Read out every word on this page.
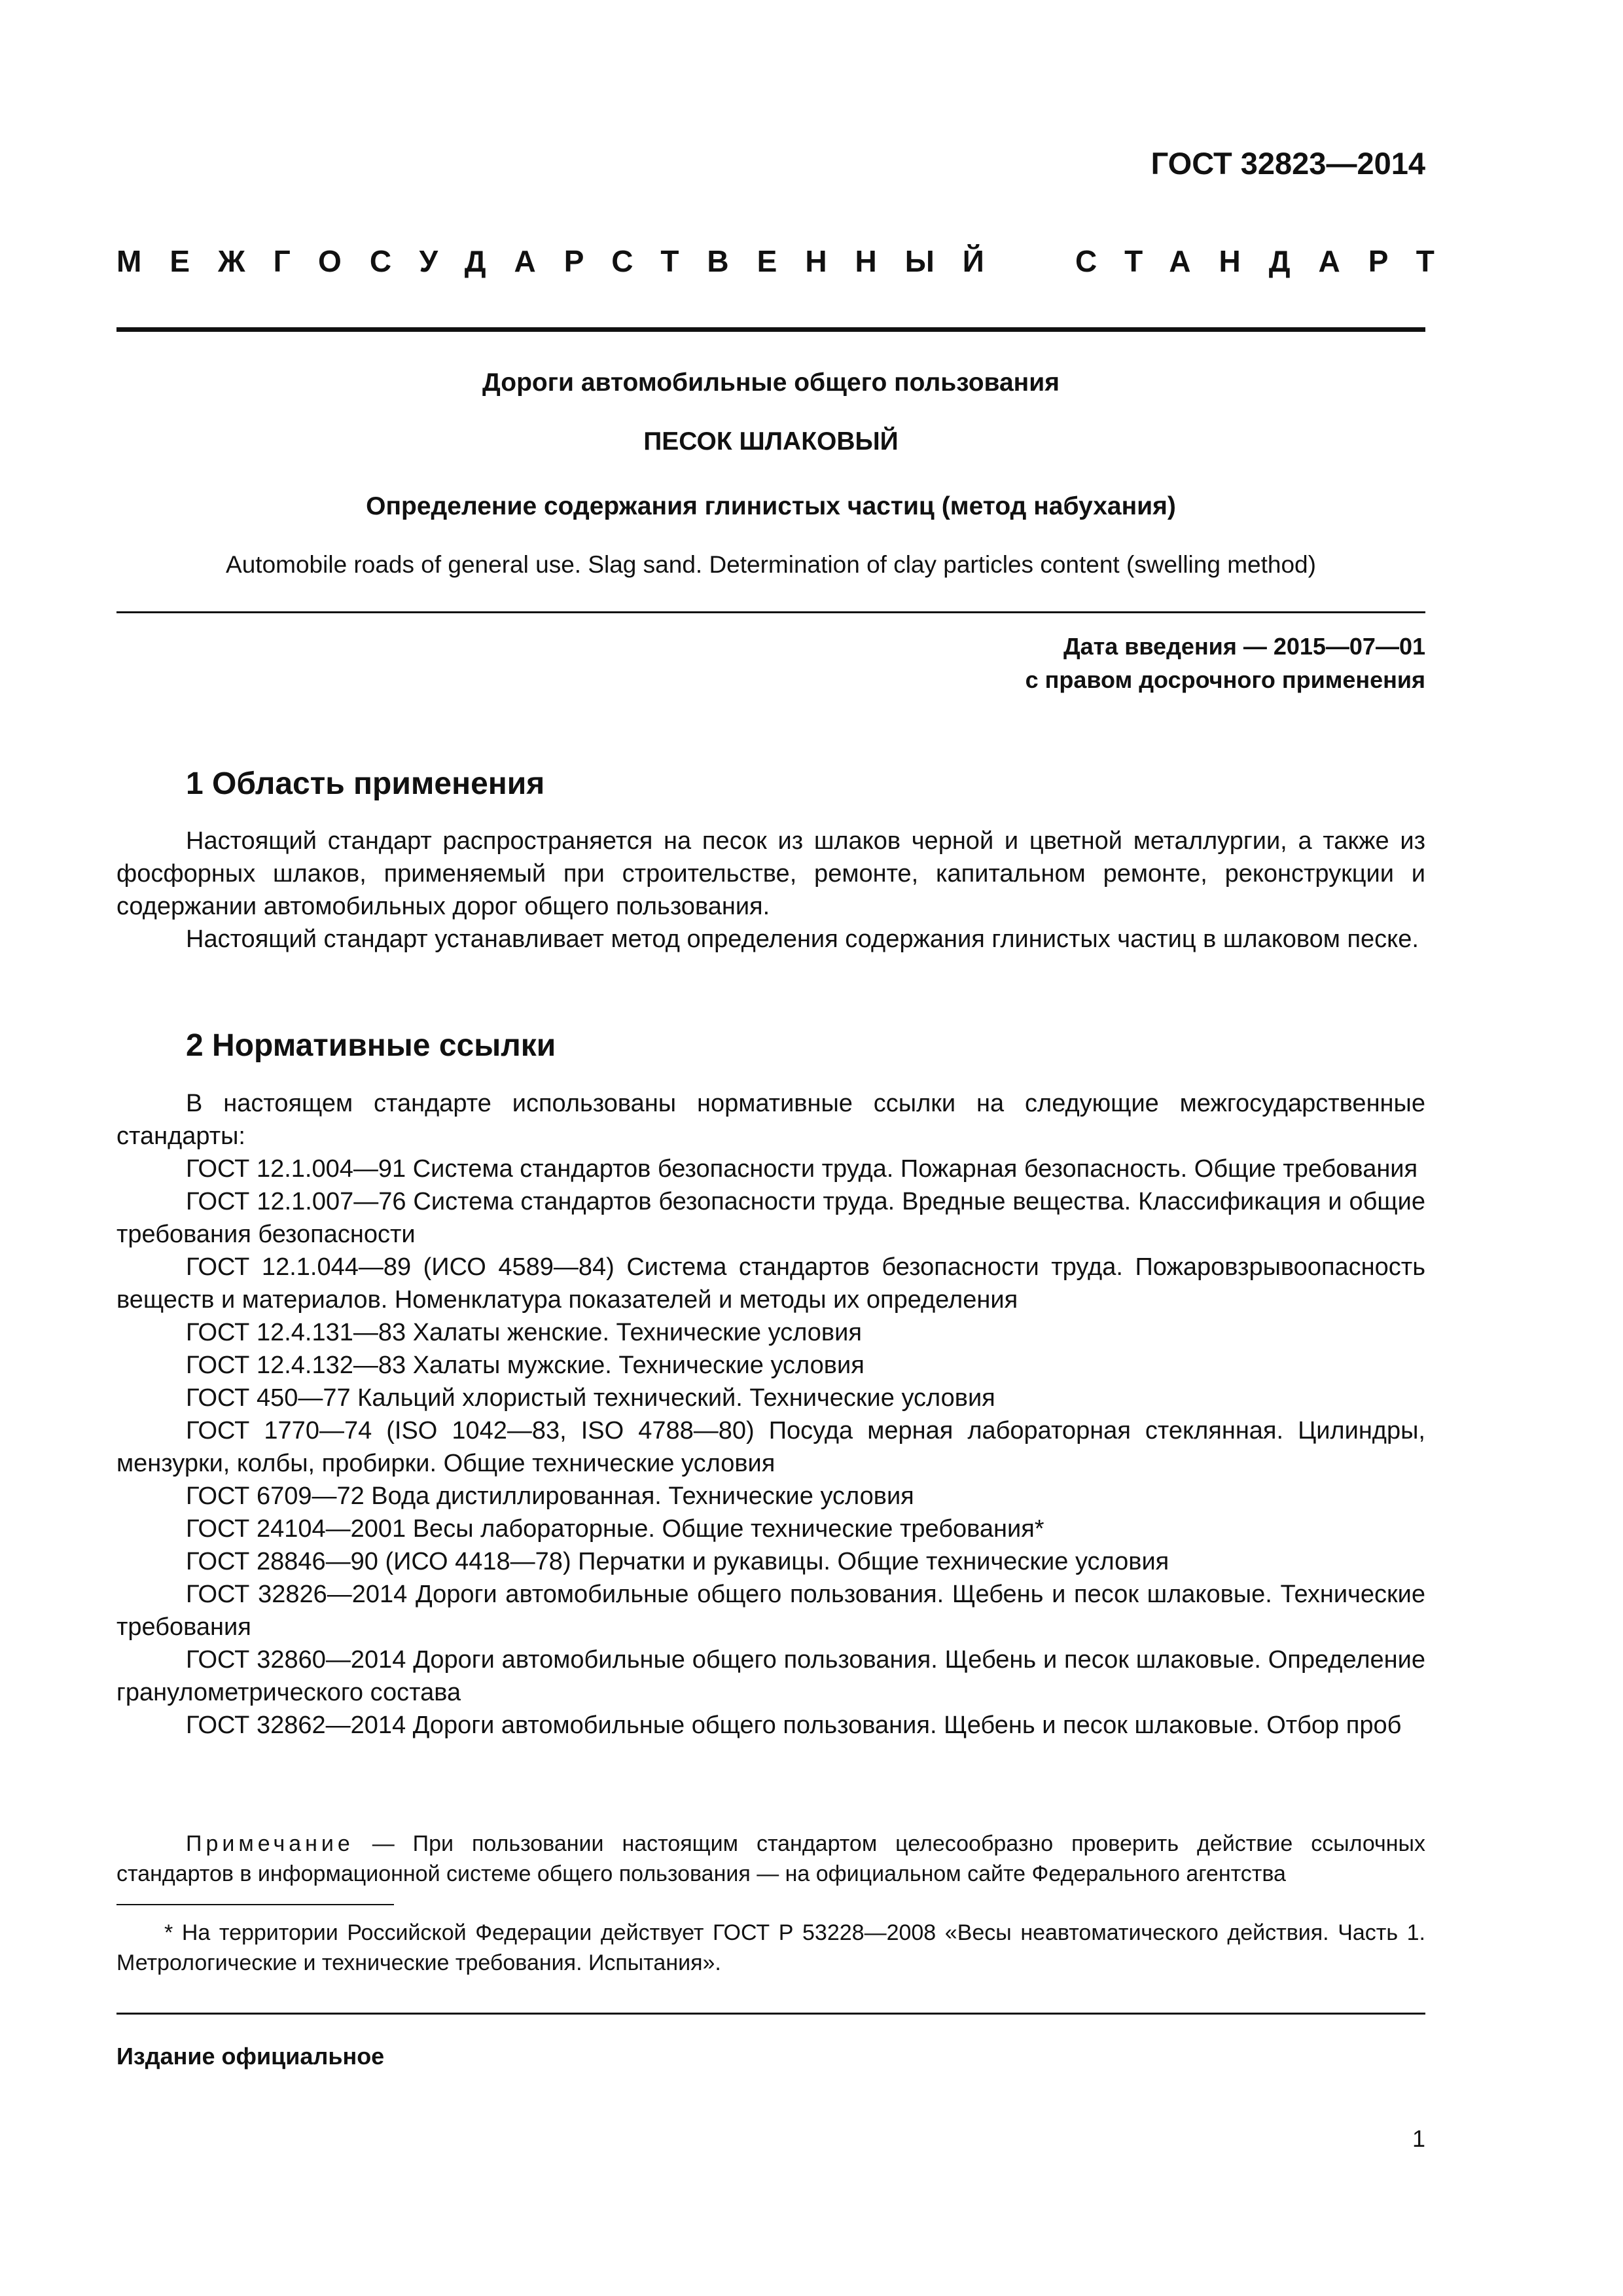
ГОСТ 32823—2014
МЕЖГОСУДАРСТВЕННЫЙ СТАНДАРТ
Дороги автомобильные общего пользования
ПЕСОК ШЛАКОВЫЙ
Определение содержания глинистых частиц (метод набухания)
Automobile roads of general use. Slag sand. Determination of clay particles content (swelling method)
Дата введения — 2015—07—01
с правом досрочного применения
1 Область применения

Настоящий стандарт распространяется на песок из шлаков черной и цветной металлургии, а также из фосфорных шлаков, применяемый при строительстве, ремонте, капитальном ремонте, реконструкции и содержании автомобильных дорог общего пользования.

Настоящий стандарт устанавливает метод определения содержания глинистых частиц в шлаковом песке.

2 Нормативные ссылки

В настоящем стандарте использованы нормативные ссылки на следующие межгосударственные стандарты:

ГОСТ 12.1.004—91 Система стандартов безопасности труда. Пожарная безопасность. Общие требования

ГОСТ 12.1.007—76 Система стандартов безопасности труда. Вредные вещества. Классификация и общие требования безопасности

ГОСТ 12.1.044—89 (ИСО 4589—84) Система стандартов безопасности труда. Пожаровзрывоопасность веществ и материалов. Номенклатура показателей и методы их определения

ГОСТ 12.4.131—83 Халаты женские. Технические условия

ГОСТ 12.4.132—83 Халаты мужские. Технические условия

ГОСТ 450—77 Кальций хлористый технический. Технические условия

ГОСТ 1770—74 (ISO 1042—83, ISO 4788—80) Посуда мерная лабораторная стеклянная. Цилиндры, мензурки, колбы, пробирки. Общие технические условия

ГОСТ 6709—72 Вода дистиллированная. Технические условия

ГОСТ 24104—2001 Весы лабораторные. Общие технические требования*

ГОСТ 28846—90 (ИСО 4418—78) Перчатки и рукавицы. Общие технические условия

ГОСТ 32826—2014 Дороги автомобильные общего пользования. Щебень и песок шлаковые. Технические требования

ГОСТ 32860—2014 Дороги автомобильные общего пользования. Щебень и песок шлаковые. Определение гранулометрического состава

ГОСТ 32862—2014 Дороги автомобильные общего пользования. Щебень и песок шлаковые. Отбор проб

Примечание — При пользовании настоящим стандартом целесообразно проверить действие ссылочных стандартов в информационной системе общего пользования — на официальном сайте Федерального агентства

* На территории Российской Федерации действует ГОСТ Р 53228—2008 «Весы неавтоматического действия. Часть 1. Метрологические и технические требования. Испытания».

Издание официальное
1
